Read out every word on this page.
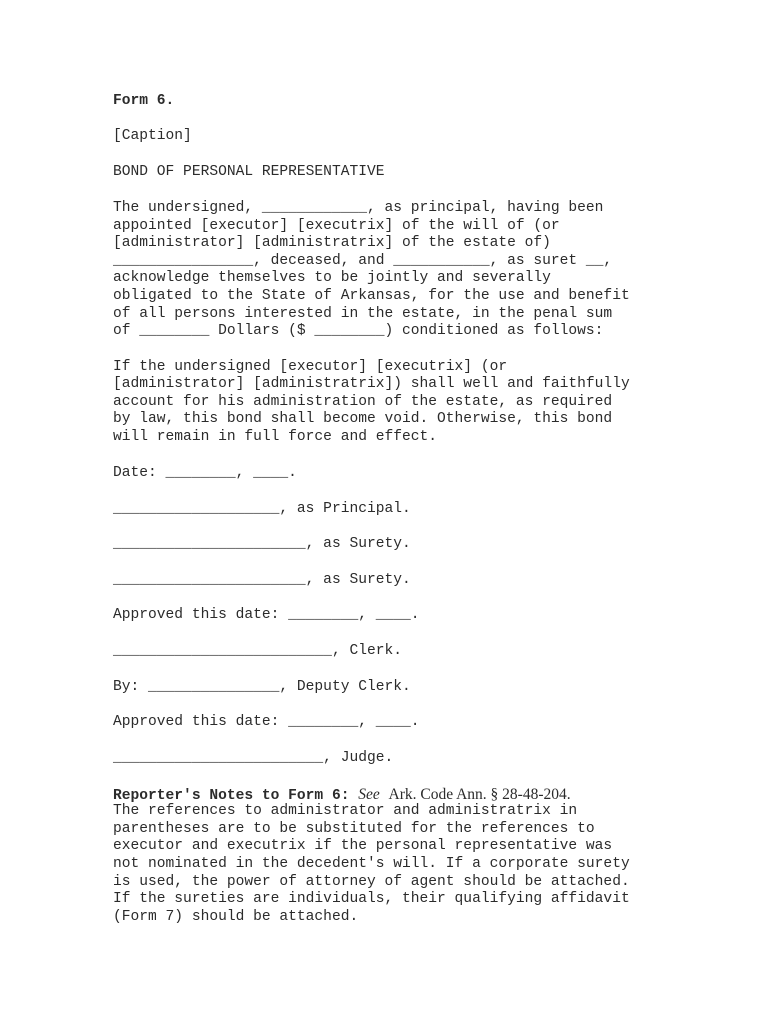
Form 6.

[Caption]

BOND OF PERSONAL REPRESENTATIVE

The undersigned, ____________, as principal, having been

appointed [executor] [executrix] of the will of (or

[administrator] [administratrix] of the estate of)

________________, deceased, and ___________, as suret __,

acknowledge themselves to be jointly and severally

obligated to the State of Arkansas, for the use and benefit

of all persons interested in the estate, in the penal sum

of ________ Dollars ($ ________) conditioned as follows:

If the undersigned [executor] [executrix] (or

[administrator] [administratrix]) shall well and faithfully

account for his administration of the estate, as required

by law, this bond shall become void. Otherwise, this bond

will remain in full force and effect.

Date: ________, ____.

___________________, as Principal.

______________________, as Surety.

______________________, as Surety.

Approved this date: ________, ____.

_________________________, Clerk.

By: _______________, Deputy Clerk.

Approved this date: ________, ____.

________________________, Judge.

Reporter's Notes to Form 6: See Ark. Code Ann. § 28-48-204.

The references to administrator and administratrix in

parentheses are to be substituted for the references to

executor and executrix if the personal representative was

not nominated in the decedent's will. If a corporate surety

is used, the power of attorney of agent should be attached.

If the sureties are individuals, their qualifying affidavit

(Form 7) should be attached.
